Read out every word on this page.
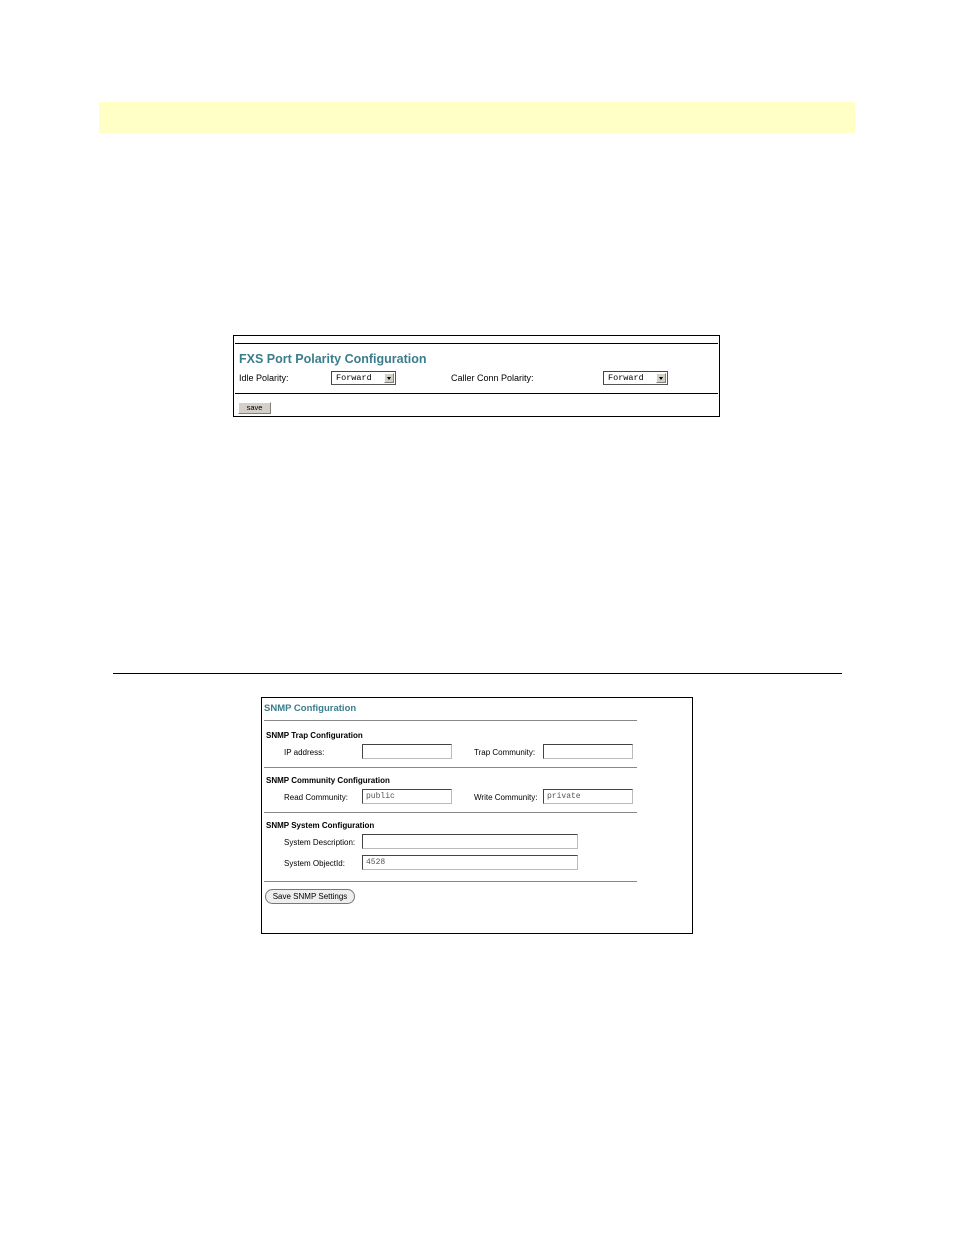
FXS Port Polarity Configuration
Idle Polarity:	Forward	Caller Conn Polarity:	Forward
save
SNMP Configuration
SNMP Trap Configuration
IP address:	Trap Community:
SNMP Community Configuration
Read Community:	public	Write Community:	private
SNMP System Configuration
System Description:
System ObjectId:	4528
Save SNMP Settings
